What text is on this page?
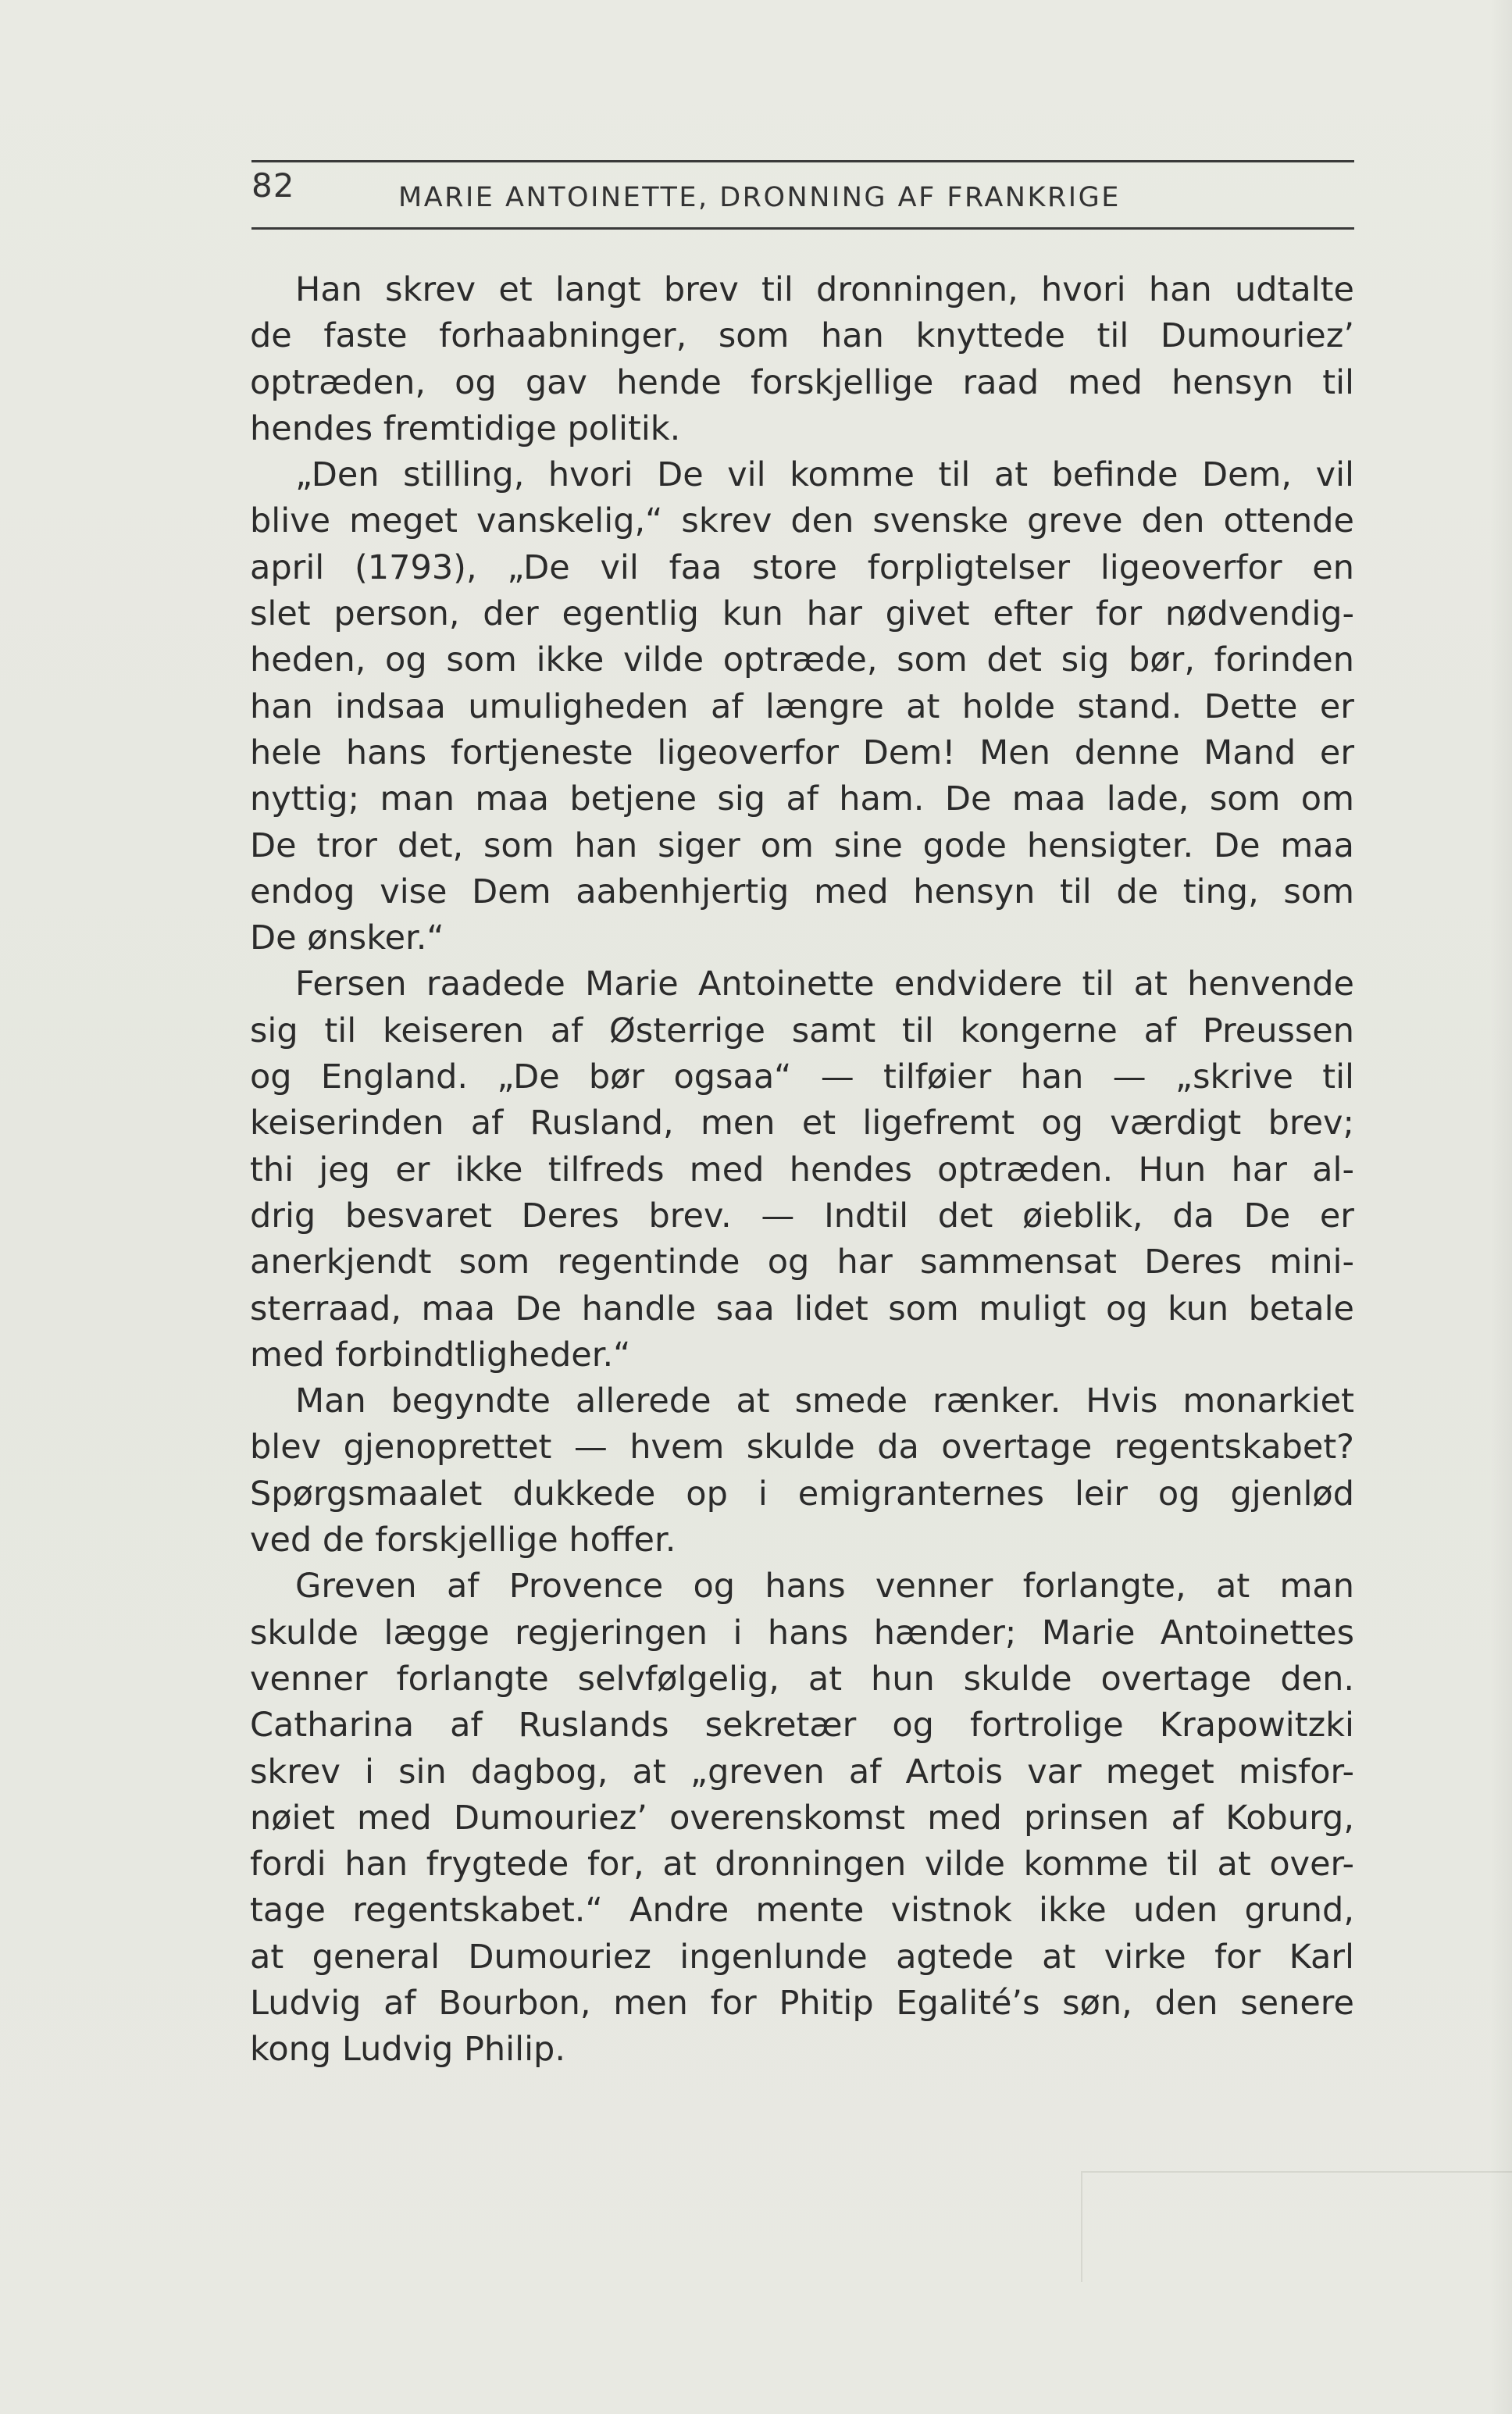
82	MARIE ANTOINETTE, DRONNING AF FRANKRIGE
Han skrev et langt brev til dronningen, hvori han udtalte
de faste forhaabninger, som han knyttede til Dumouriez’
optræden, og gav hende forskjellige raad med hensyn til
hendes fremtidige politik.
„Den stilling, hvori De vil komme til at befinde Dem, vil
blive meget vanskelig,“ skrev den svenske greve den ottende
april (1793), „De vil faa store forpligtelser ligeoverfor en
slet person, der egentlig kun har givet efter for nødvendig-
heden, og som ikke vilde optræde, som det sig bør, forinden
han indsaa umuligheden af længre at holde stand. Dette er
hele hans fortjeneste ligeoverfor Dem! Men denne Mand er
nyttig; man maa betjene sig af ham. De maa lade, som om
De tror det, som han siger om sine gode hensigter. De maa
endog vise Dem aabenhjertig med hensyn til de ting, som
De ønsker.“
Fersen raadede Marie Antoinette endvidere til at henvende
sig til keiseren af Østerrige samt til kongerne af Preussen
og England. „De bør ogsaa“ — tilføier han — „skrive til
keiserinden af Rusland, men et ligefremt og værdigt brev;
thi jeg er ikke tilfreds med hendes optræden. Hun har al-
drig besvaret Deres brev. — Indtil det øieblik, da De er
anerkjendt som regentinde og har sammensat Deres mini-
sterraad, maa De handle saa lidet som muligt og kun betale
med forbindtligheder.“
Man begyndte allerede at smede rænker. Hvis monarkiet
blev gjenoprettet — hvem skulde da overtage regentskabet?
Spørgsmaalet dukkede op i emigranternes leir og gjenlød
ved de forskjellige hoffer.
Greven af Provence og hans venner forlangte, at man
skulde lægge regjeringen i hans hænder; Marie Antoinettes
venner forlangte selvfølgelig, at hun skulde overtage den.
Catharina af Ruslands sekretær og fortrolige Krapowitzki
skrev i sin dagbog, at „greven af Artois var meget misfor-
nøiet med Dumouriez’ overenskomst med prinsen af Koburg,
fordi han frygtede for, at dronningen vilde komme til at over-
tage regentskabet.“ Andre mente vistnok ikke uden grund,
at general Dumouriez ingenlunde agtede at virke for Karl
Ludvig af Bourbon, men for Phitip Egalité’s søn, den senere
kong Ludvig Philip.
